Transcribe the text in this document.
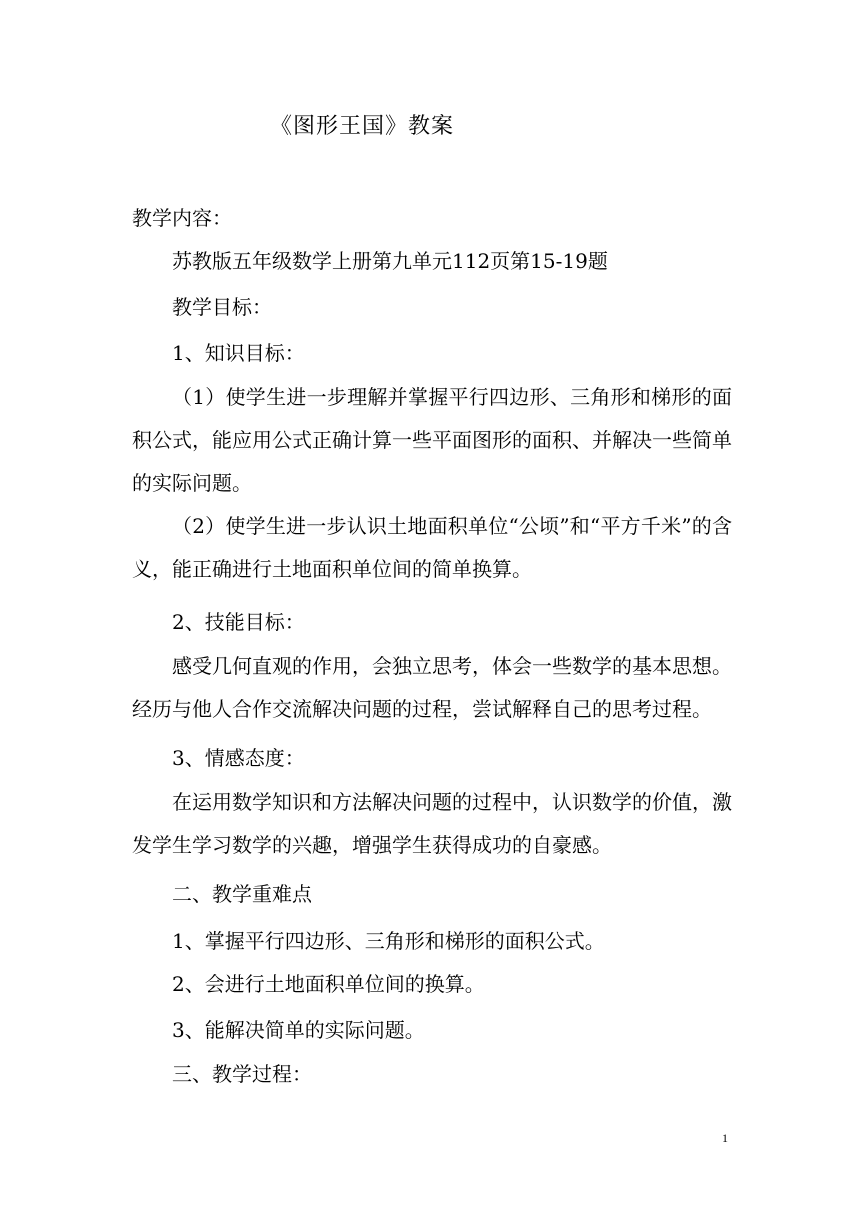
《图形王国》教案
教学内容：
苏教版五年级数学上册第九单元112页第15-19题
教学目标：
1、知识目标：
（1）使学生进一步理解并掌握平行四边形、三角形和梯形的面积公式，能应用公式正确计算一些平面图形的面积、并解决一些简单的实际问题。
（2）使学生进一步认识土地面积单位“公顷”和“平方千米”的含义，能正确进行土地面积单位间的简单换算。
2、技能目标：
感受几何直观的作用，会独立思考，体会一些数学的基本思想。经历与他人合作交流解决问题的过程，尝试解释自己的思考过程。
3、情感态度：
在运用数学知识和方法解决问题的过程中，认识数学的价值，激发学生学习数学的兴趣，增强学生获得成功的自豪感。
二、教学重难点
1、掌握平行四边形、三角形和梯形的面积公式。
2、会进行土地面积单位间的换算。
3、能解决简单的实际问题。
三、教学过程：
1
